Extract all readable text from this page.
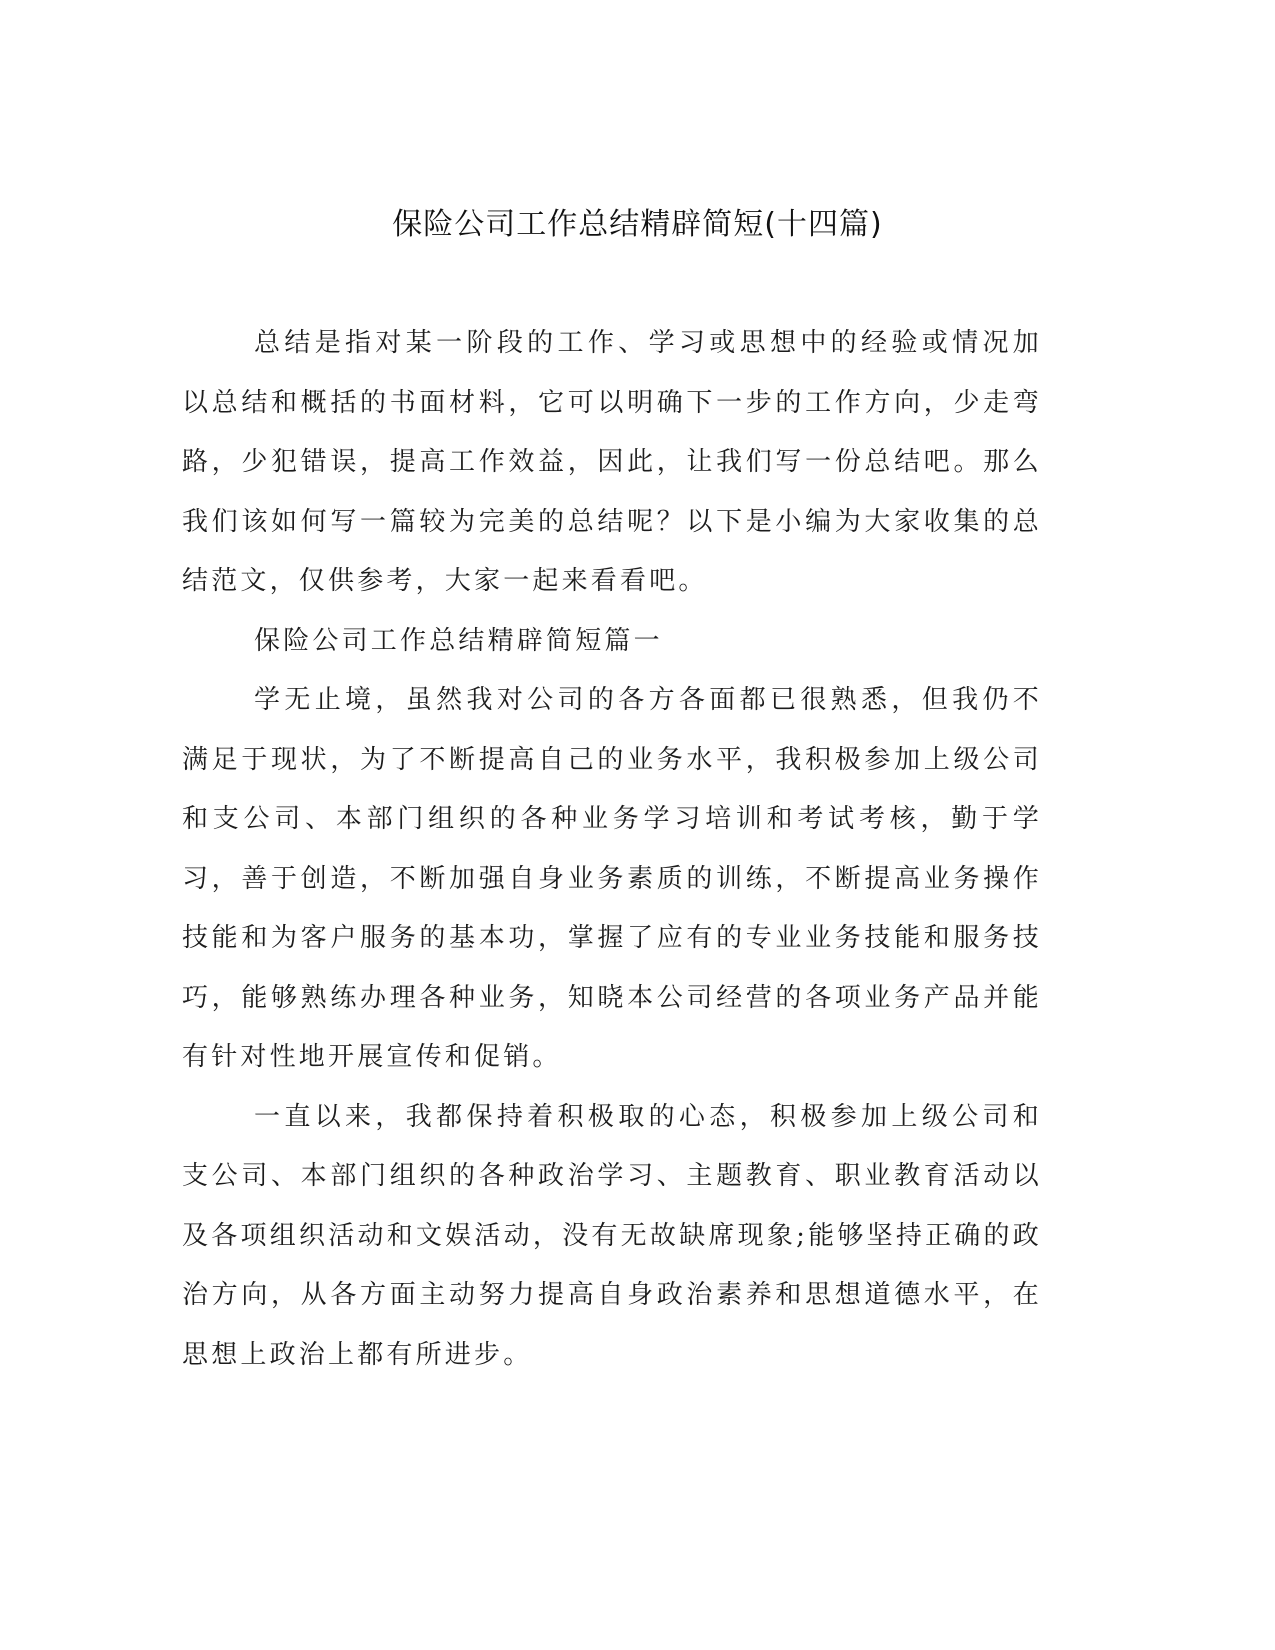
保险公司工作总结精辟简短(十四篇)

总结是指对某一阶段的工作、学习或思想中的经验或情况加以总结和概括的书面材料，它可以明确下一步的工作方向，少走弯路，少犯错误，提高工作效益，因此，让我们写一份总结吧。那么我们该如何写一篇较为完美的总结呢？以下是小编为大家收集的总结范文，仅供参考，大家一起来看看吧。

保险公司工作总结精辟简短篇一

学无止境，虽然我对公司的各方各面都已很熟悉，但我仍不满足于现状，为了不断提高自己的业务水平，我积极参加上级公司和支公司、本部门组织的各种业务学习培训和考试考核，勤于学习，善于创造，不断加强自身业务素质的训练，不断提高业务操作技能和为客户服务的基本功，掌握了应有的专业业务技能和服务技巧，能够熟练办理各种业务，知晓本公司经营的各项业务产品并能有针对性地开展宣传和促销。

一直以来，我都保持着积极取的心态，积极参加上级公司和支公司、本部门组织的各种政治学习、主题教育、职业教育活动以及各项组织活动和文娱活动，没有无故缺席现象;能够坚持正确的政治方向，从各方面主动努力提高自身政治素养和思想道德水平，在思想上政治上都有所进步。
